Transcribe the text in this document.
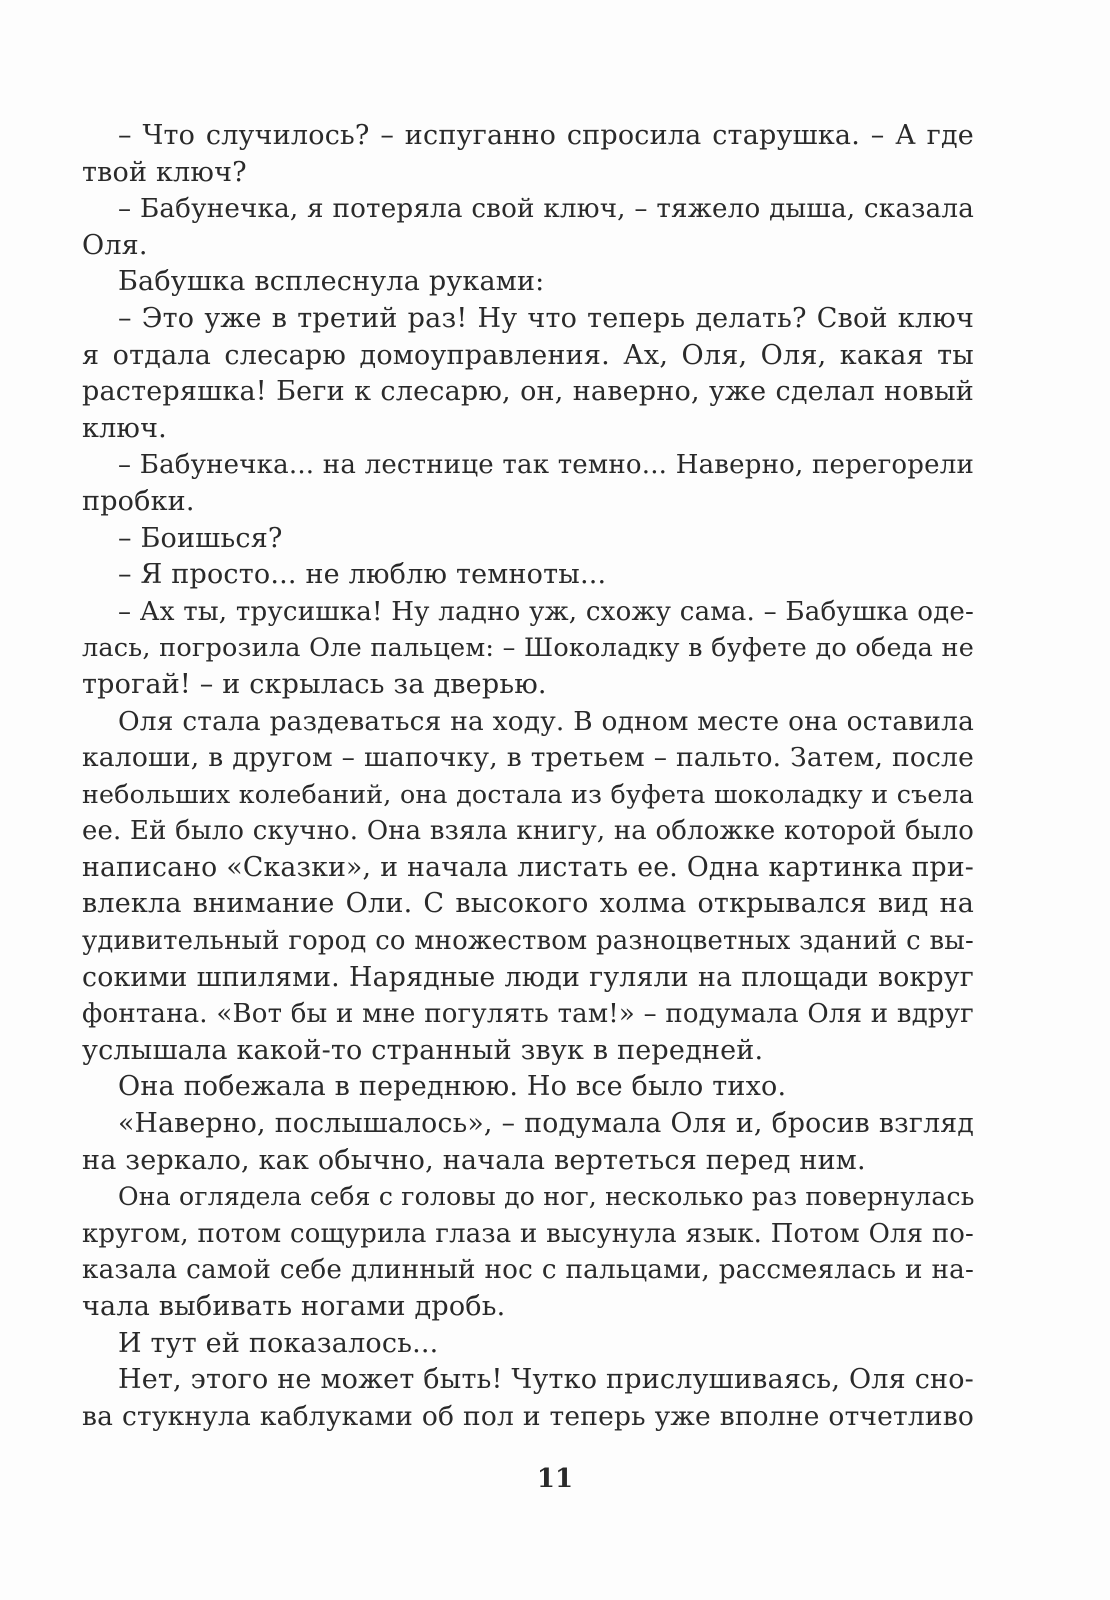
– Что случилось? – испуганно спросила старушка. – А где
твой ключ?
– Бабунечка, я потеряла свой ключ, – тяжело дыша, сказала
Оля.
Бабушка всплеснула руками:
– Это уже в третий раз! Ну что теперь делать? Свой ключ
я отдала слесарю домоуправления. Ах, Оля, Оля, какая ты
растеряшка! Беги к слесарю, он, наверно, уже сделал новый
ключ.
– Бабунечка... на лестнице так темно... Наверно, перегорели
пробки.
– Боишься?
– Я просто... не люблю темноты...
– Ах ты, трусишка! Ну ладно уж, схожу сама. – Бабушка оде-
лась, погрозила Оле пальцем: – Шоколадку в буфете до обеда не
трогай! – и скрылась за дверью.
Оля стала раздеваться на ходу. В одном месте она оставила
калоши, в другом – шапочку, в третьем – пальто. Затем, после
небольших колебаний, она достала из буфета шоколадку и съела
ее. Ей было скучно. Она взяла книгу, на обложке которой было
написано «Сказки», и начала листать ее. Одна картинка при-
влекла внимание Оли. С высокого холма открывался вид на
удивительный город со множеством разноцветных зданий с вы-
сокими шпилями. Нарядные люди гуляли на площади вокруг
фонтана. «Вот бы и мне погулять там!» – подумала Оля и вдруг
услышала какой-то странный звук в передней.
Она побежала в переднюю. Но все было тихо.
«Наверно, послышалось», – подумала Оля и, бросив взгляд
на зеркало, как обычно, начала вертеться перед ним.
Она оглядела себя с головы до ног, несколько раз повернулась
кругом, потом сощурила глаза и высунула язык. Потом Оля по-
казала самой себе длинный нос с пальцами, рассмеялась и на-
чала выбивать ногами дробь.
И тут ей показалось...
Нет, этого не может быть! Чутко прислушиваясь, Оля сно-
ва стукнула каблуками об пол и теперь уже вполне отчетливо
11
